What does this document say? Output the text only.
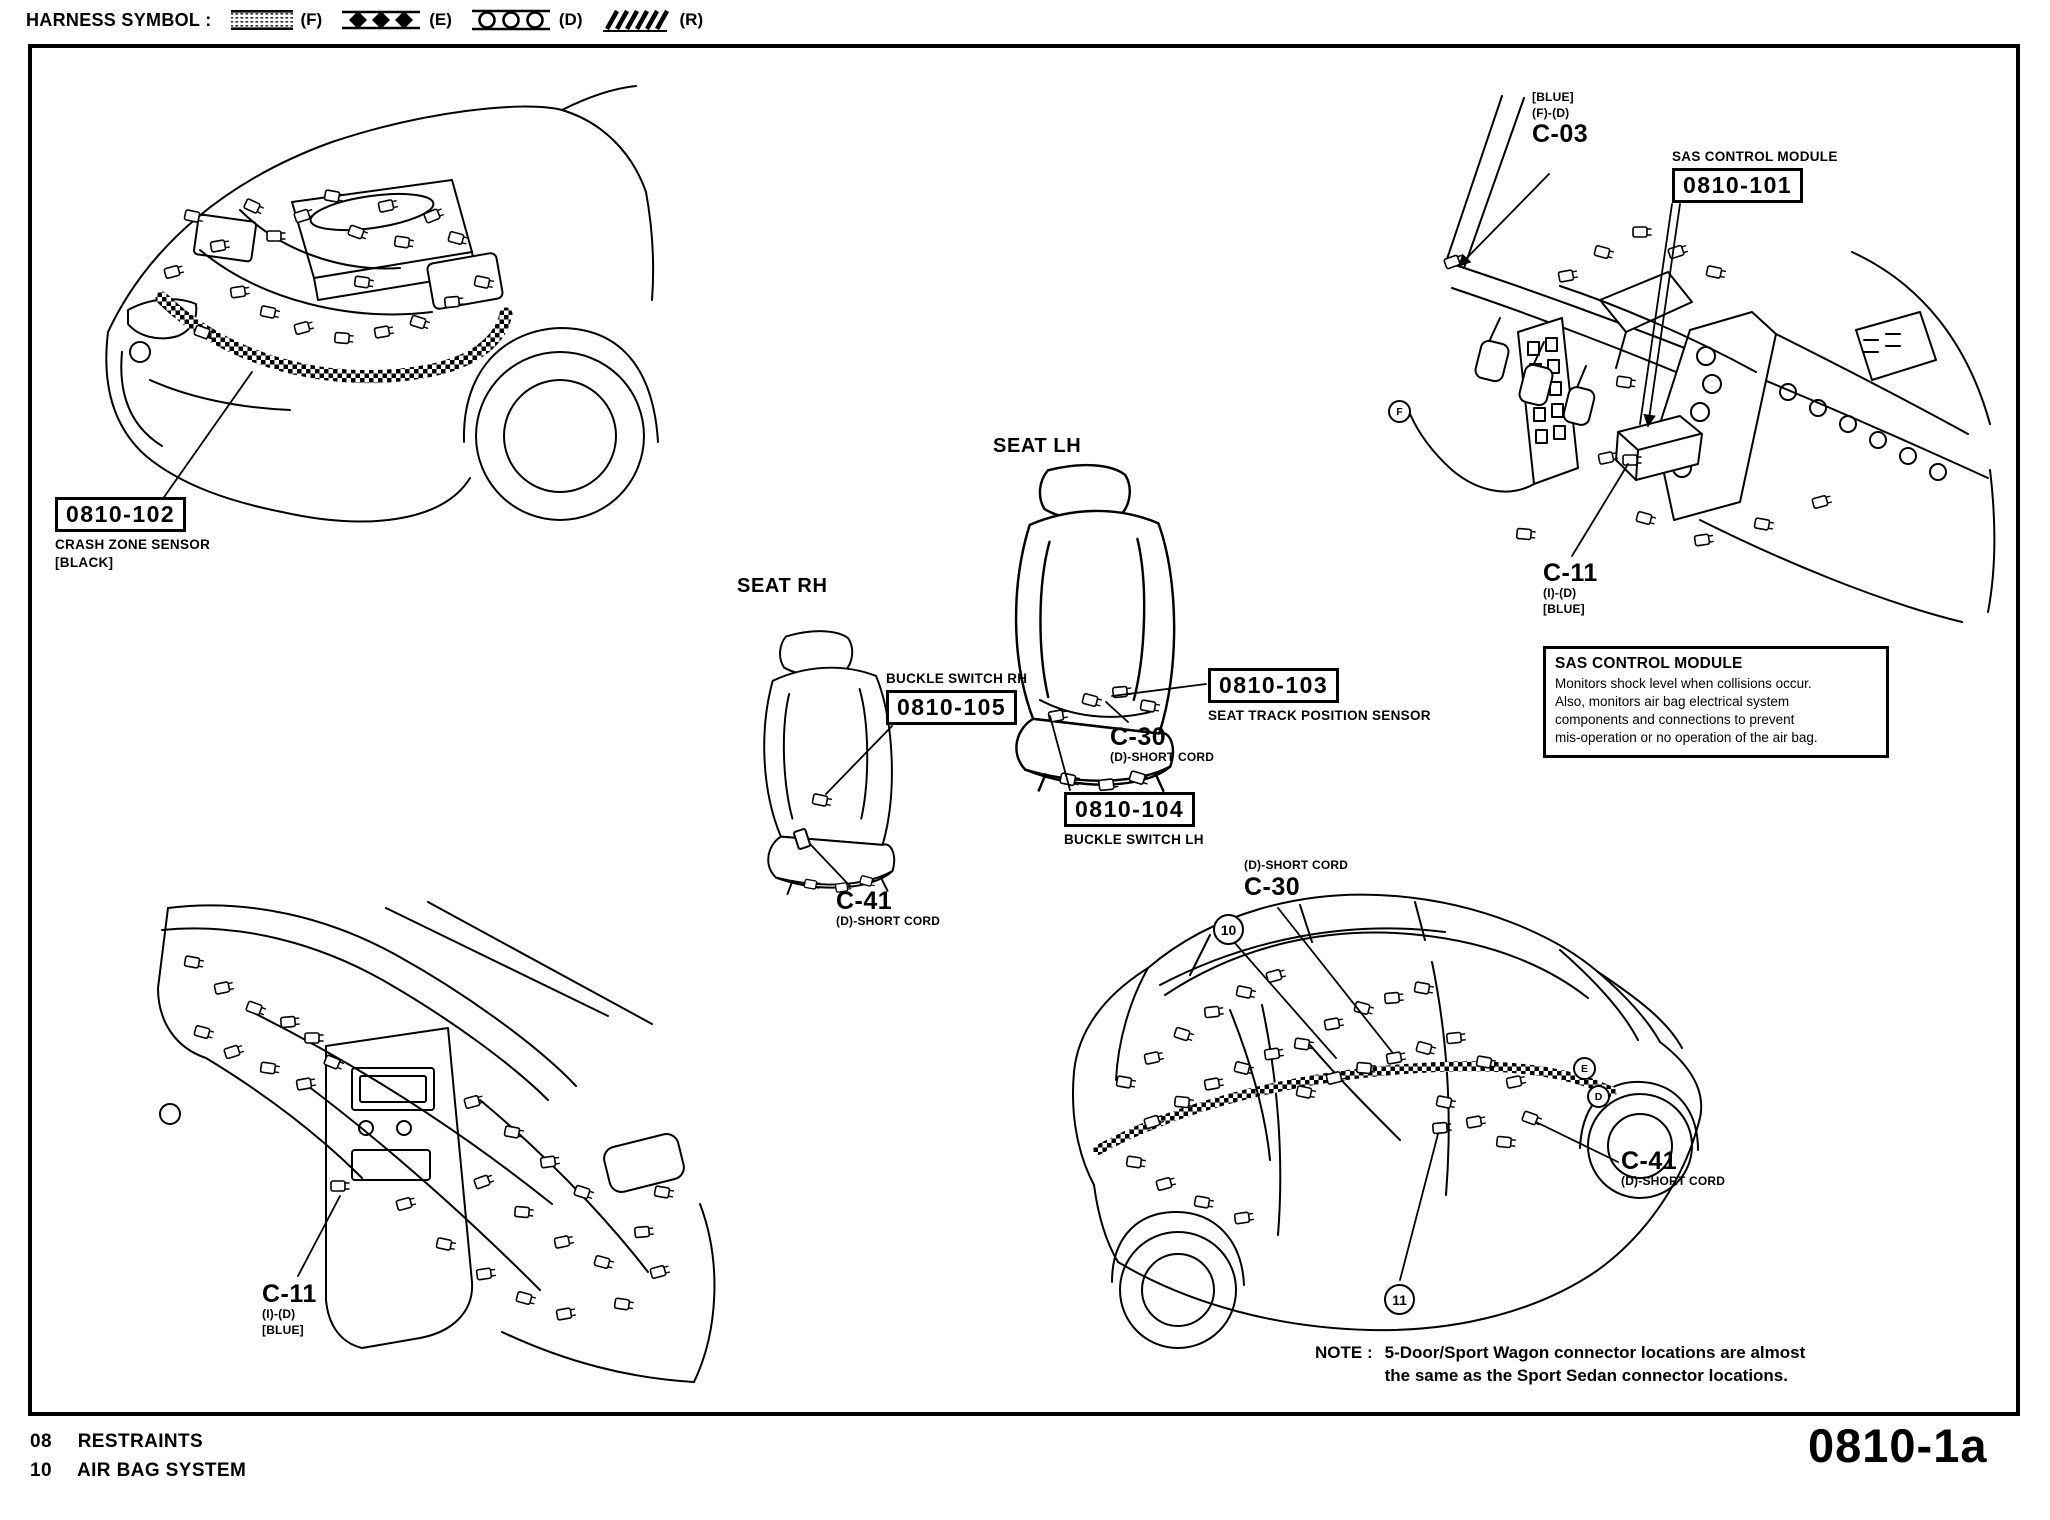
HARNESS SYMBOL :	(F)	(E)	(D)	(R)
0810-102
CRASH ZONE SENSOR
[BLACK]
[BLUE]
(F)-(D)
C-03
SAS CONTROL MODULE
0810-101
C-11
(I)-(D)
[BLUE]
SAS CONTROL MODULE
Monitors shock level when collisions occur.
Also, monitors air bag electrical system
components and connections to prevent
mis-operation or no operation of the air bag.
SEAT LH
SEAT RH
BUCKLE SWITCH RH
0810-105
0810-103
SEAT TRACK POSITION SENSOR
C-30
(D)-SHORT CORD
0810-104
BUCKLE SWITCH LH
C-41
(D)-SHORT CORD
(D)-SHORT CORD
C-30
C-41
(D)-SHORT CORD
C-11
(I)-(D)
[BLUE]
F
10
11
E
D
NOTE : 5-Door/Sport Wagon connector locations are almost
the same as the Sport Sedan connector locations.
08 RESTRAINTS
10 AIR BAG SYSTEM	0810-1a
